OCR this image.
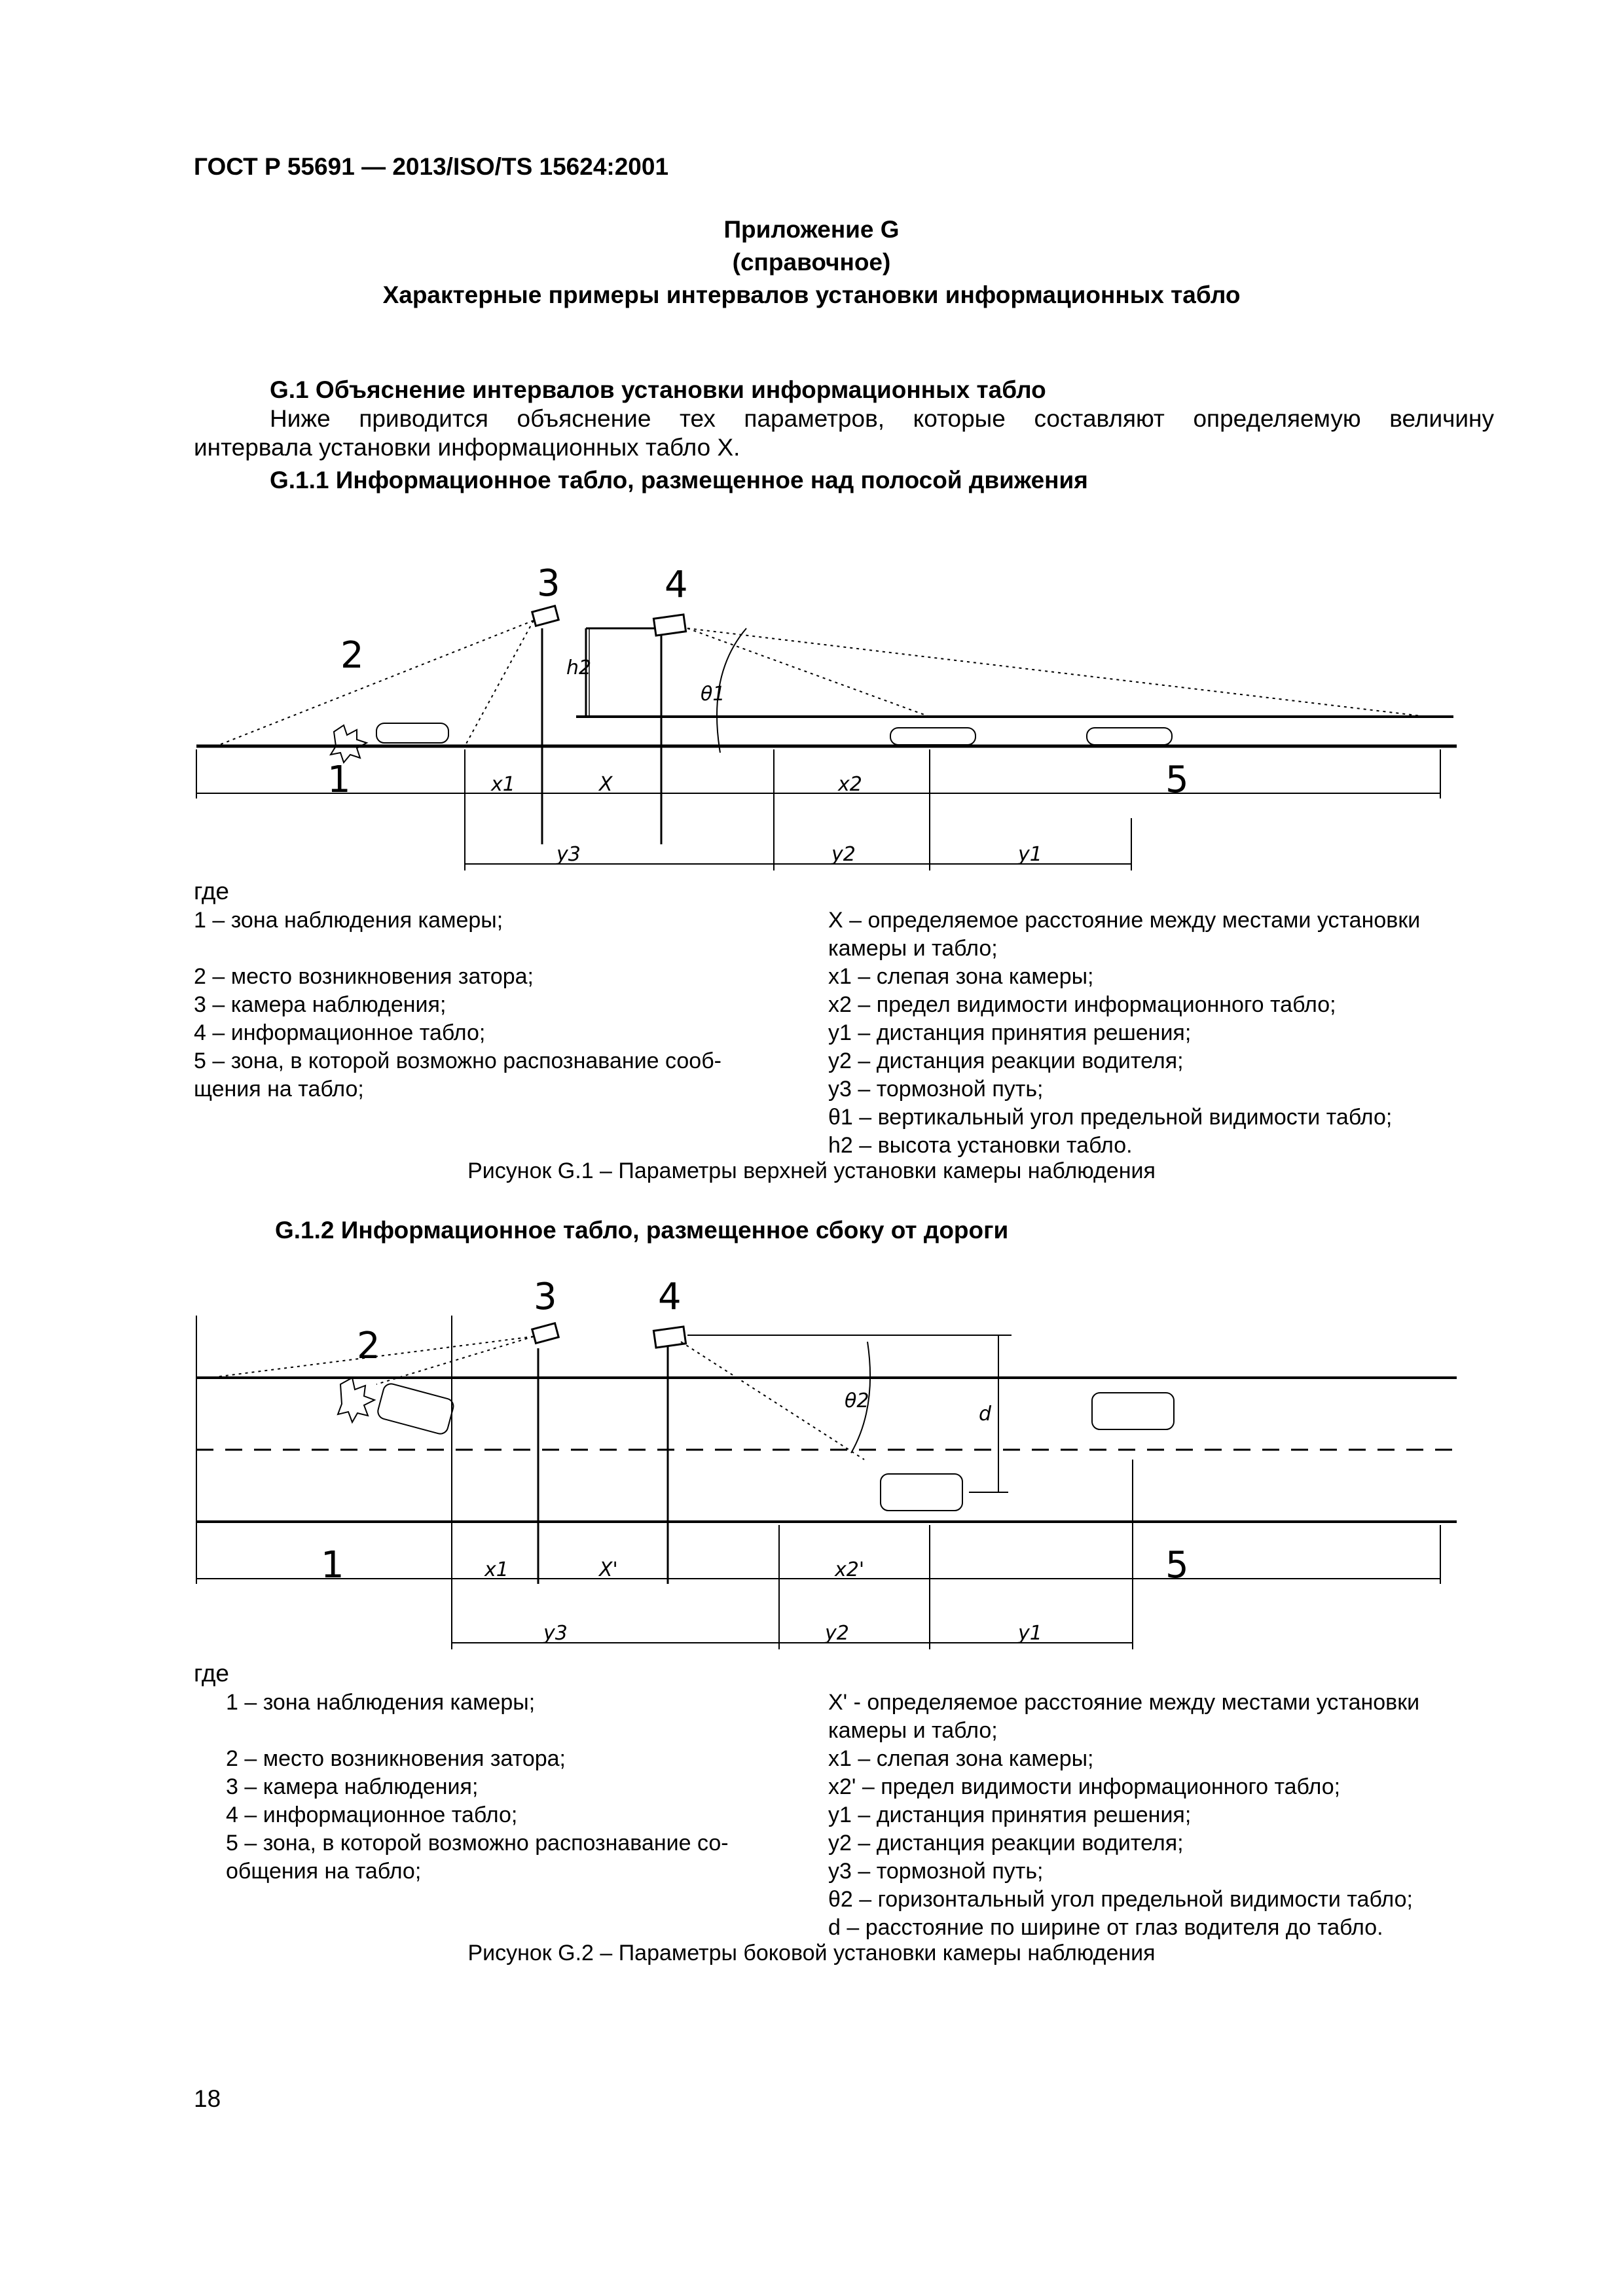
ГОСТ Р 55691 — 2013/ISO/TS 15624:2001
Приложение G
(справочное)
Характерные примеры интервалов установки информационных табло
G.1 Объяснение интервалов установки информационных табло
Ниже приводится объяснение тех параметров, которые составляют определяемую величину
интервала установки информационных табло X.
G.1.1 Информационное табло, размещенное над полосой движения
3	4
2	h2
θ1
1	x1	X	x2	5
y3	y2	y1
где
1 – зона наблюдения камеры;
2 – место возникновения затора;
3 – камера наблюдения;
4 – информационное табло;
5 – зона, в которой возможно распознавание сооб-
щения на табло;
X – определяемое расстояние между местами установки
камеры и табло;
x1 – слепая зона камеры;
x2 – предел видимости информационного табло;
y1 – дистанция принятия решения;
y2 – дистанция реакции водителя;
y3 – тормозной путь;
θ1 – вертикальный угол предельной видимости табло;
h2 – высота установки табло.
Рисунок G.1 – Параметры верхней установки камеры наблюдения
G.1.2 Информационное табло, размещенное сбоку от дороги
3	4
2
θ2
d
1	x1	X'	x2'	5
y3	y2	y1
где
1 – зона наблюдения камеры;
2 – место возникновения затора;
3 – камера наблюдения;
4 – информационное табло;
5 – зона, в которой возможно распознавание со-
общения на табло;
X' - определяемое расстояние между местами установки
камеры и табло;
x1 – слепая зона камеры;
x2' – предел видимости информационного табло;
y1 – дистанция принятия решения;
y2 – дистанция реакции водителя;
y3 – тормозной путь;
θ2 – горизонтальный угол предельной видимости табло;
d – расстояние по ширине от глаз водителя до табло.
Рисунок G.2 – Параметры боковой установки камеры наблюдения
18
